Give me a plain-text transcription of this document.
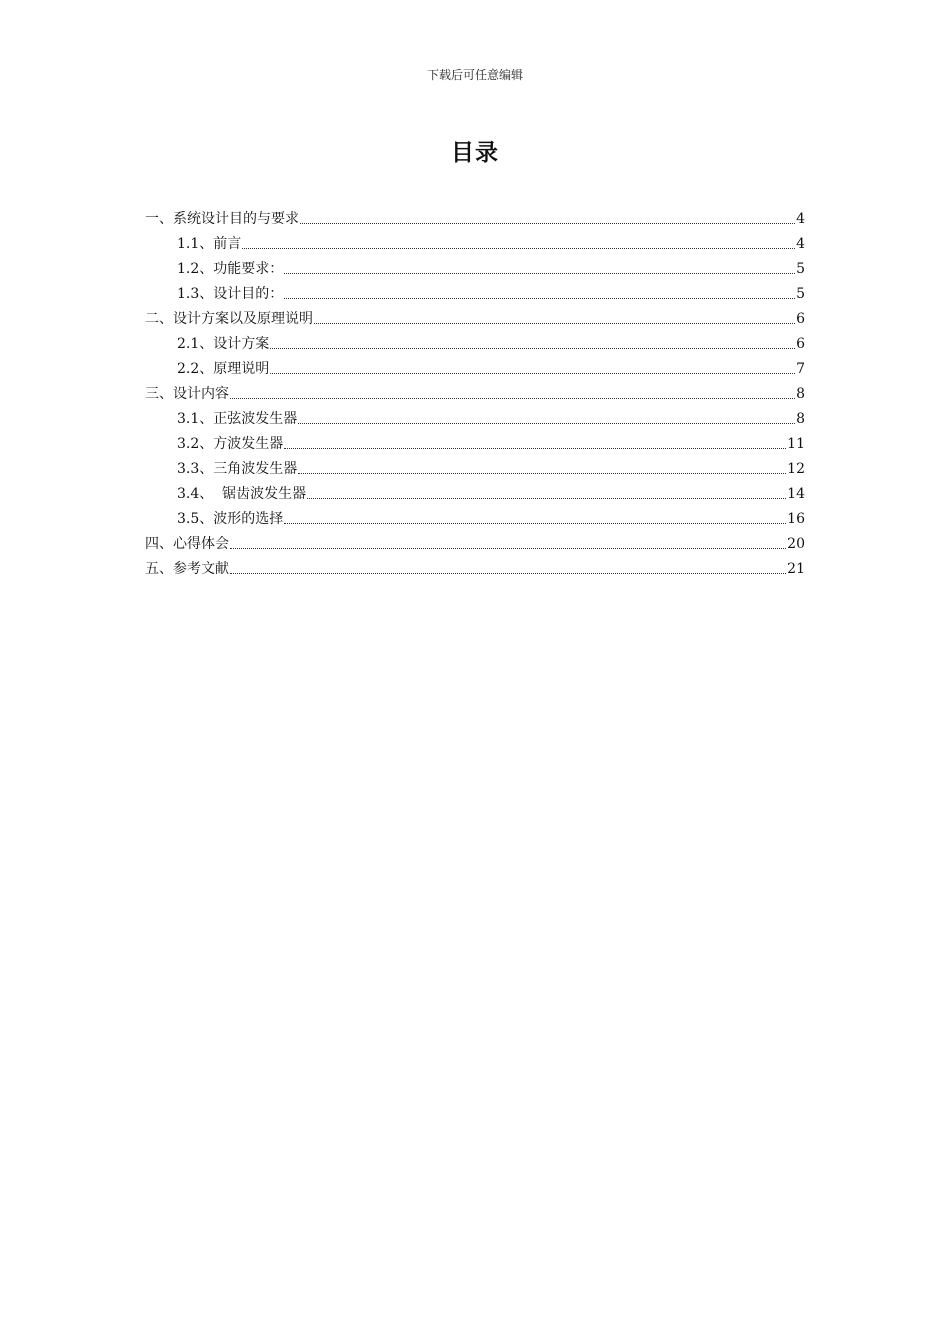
下载后可任意编辑
目录
一、系统设计目的与要求	4
1.1、前言	4
1.2、功能要求：	5
1.3、设计目的：	5
二、设计方案以及原理说明	6
2.1、设计方案	6
2.2、原理说明	7
三、设计内容	8
3.1、正弦波发生器	8
3.2、方波发生器	11
3.3、三角波发生器	12
3.4、  锯齿波发生器	14
3.5、波形的选择	16
四、心得体会	20
五、参考文献	21
